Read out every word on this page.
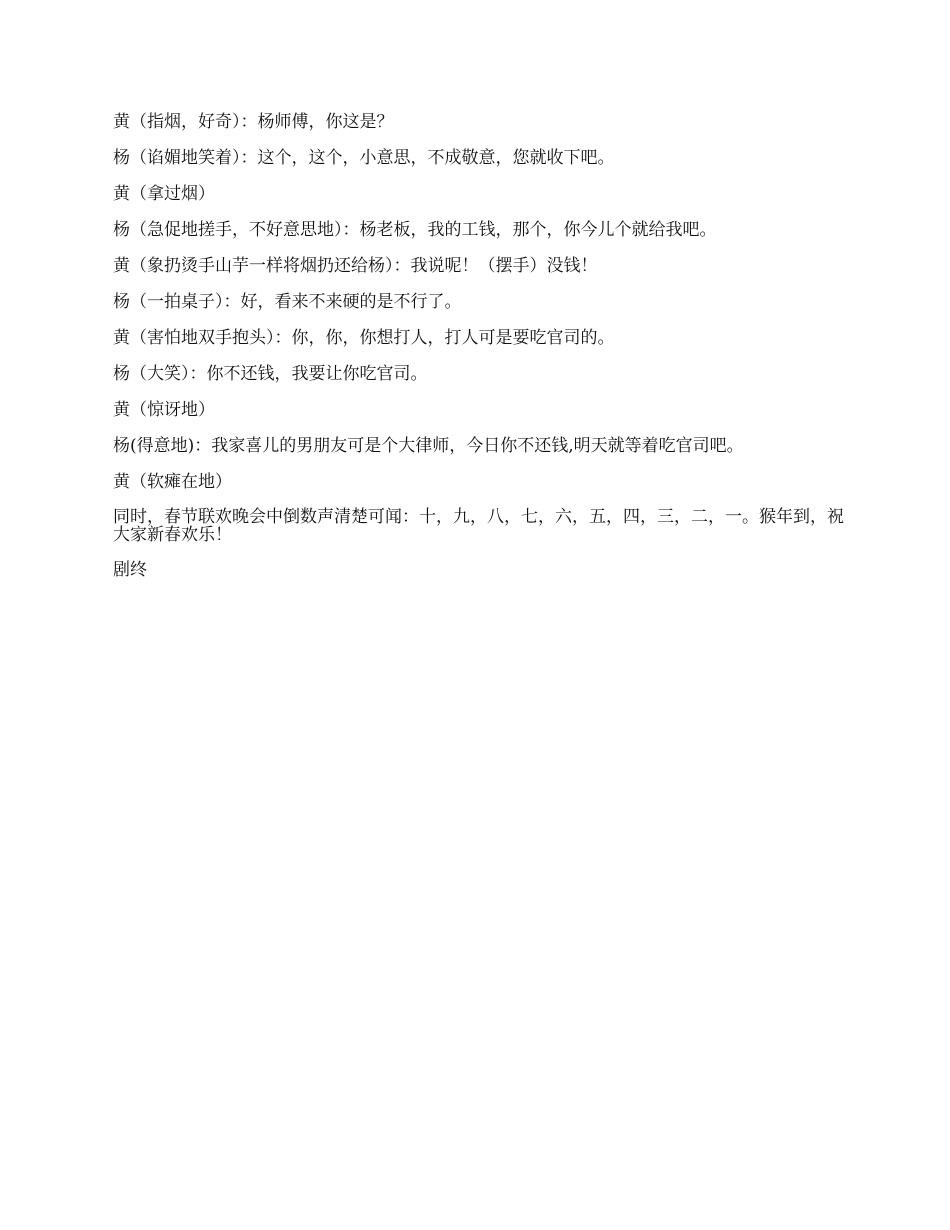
黄（指烟，好奇）：杨师傅，你这是？

杨（谄媚地笑着）：这个，这个，小意思，不成敬意，您就收下吧。

黄（拿过烟）

杨（急促地搓手，不好意思地）：杨老板，我的工钱，那个，你今儿个就给我吧。

黄（象扔烫手山芋一样将烟扔还给杨）：我说呢！（摆手）没钱！

杨（一拍桌子）：好，看来不来硬的是不行了。

黄（害怕地双手抱头）：你，你，你想打人，打人可是要吃官司的。

杨（大笑）：你不还钱，我要让你吃官司。

黄（惊讶地）

杨(得意地)：我家喜儿的男朋友可是个大律师，今日你不还钱,明天就等着吃官司吧。

黄（软瘫在地）

同时，春节联欢晚会中倒数声清楚可闻：十，九，八，七，六，五，四，三，二，一。猴年到，祝大家新春欢乐！

剧终
